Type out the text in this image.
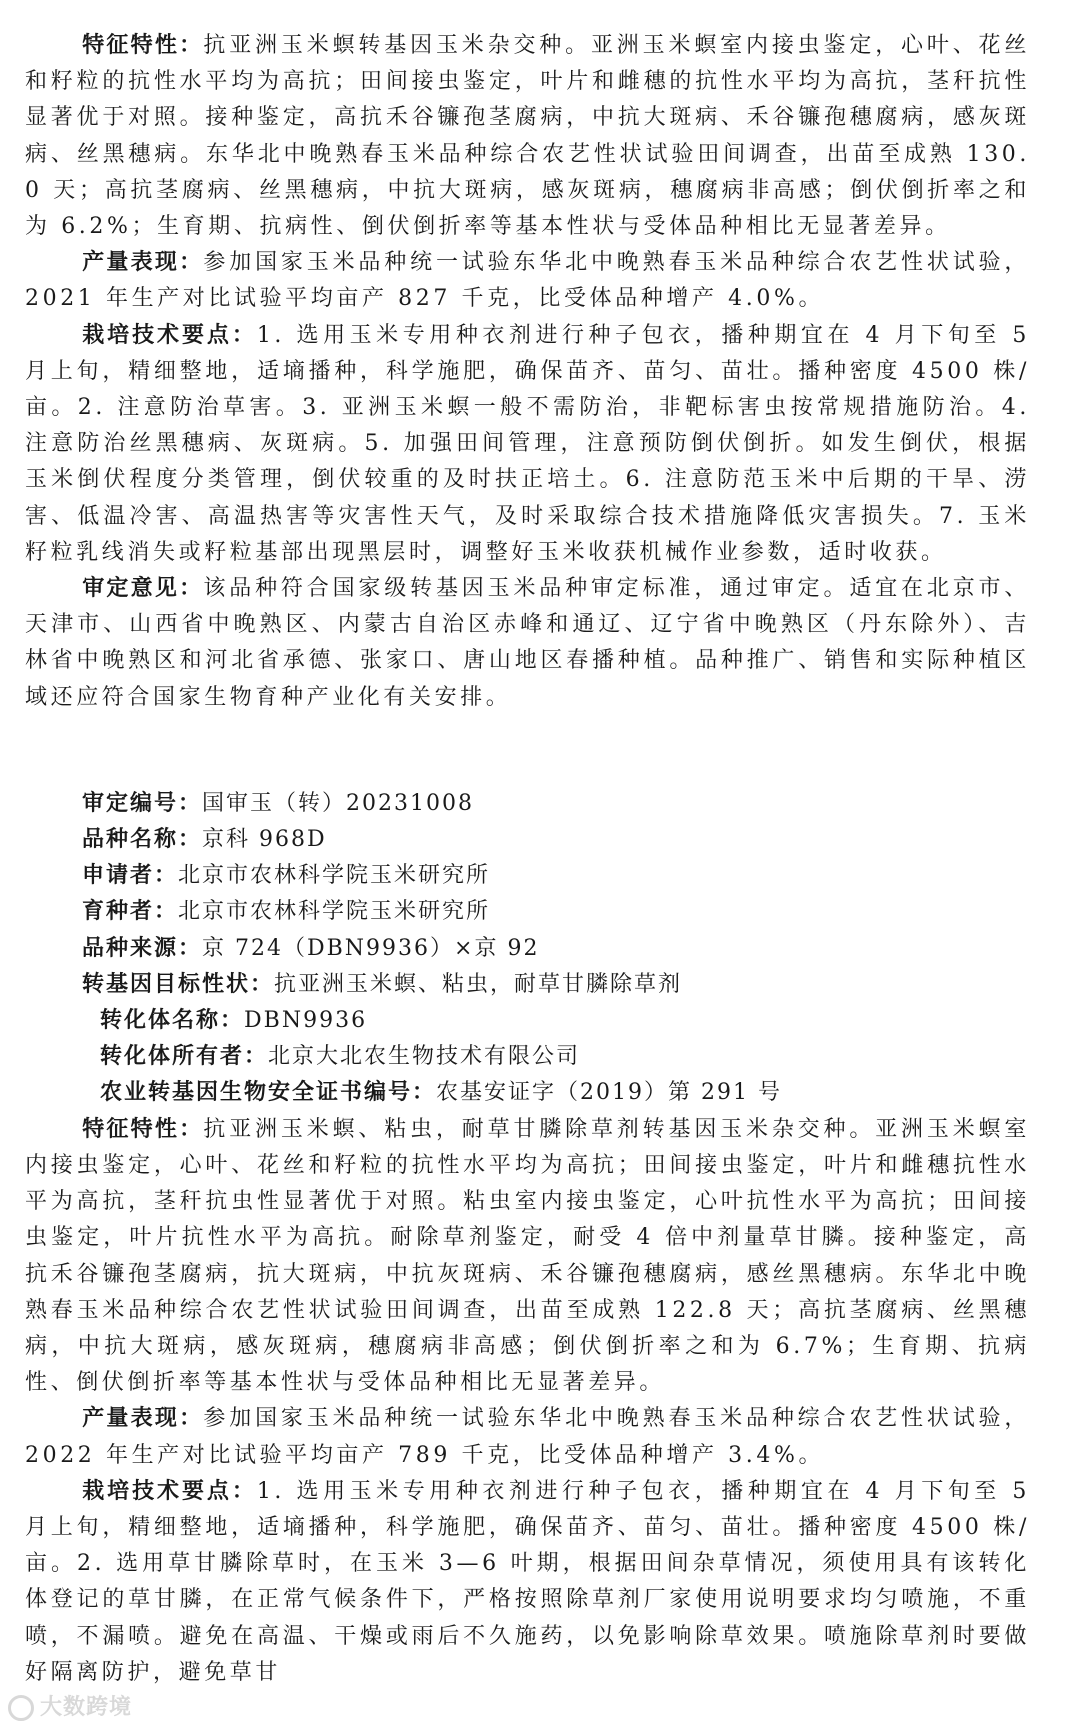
特征特性：抗亚洲玉米螟转基因玉米杂交种。亚洲玉米螟室内接虫鉴定，心叶、花丝和籽粒的抗性水平均为高抗；田间接虫鉴定，叶片和雌穗的抗性水平均为高抗，茎秆抗性显著优于对照。接种鉴定，高抗禾谷镰孢茎腐病，中抗大斑病、禾谷镰孢穗腐病，感灰斑病、丝黑穗病。东华北中晚熟春玉米品种综合农艺性状试验田间调查，出苗至成熟 130.0 天；高抗茎腐病、丝黑穗病，中抗大斑病，感灰斑病，穗腐病非高感；倒伏倒折率之和为 6.2%；生育期、抗病性、倒伏倒折率等基本性状与受体品种相比无显著差异。

产量表现：参加国家玉米品种统一试验东华北中晚熟春玉米品种综合农艺性状试验，2021 年生产对比试验平均亩产 827 千克，比受体品种增产 4.0%。

栽培技术要点：1. 选用玉米专用种衣剂进行种子包衣，播种期宜在 4 月下旬至 5 月上旬，精细整地，适墒播种，科学施肥，确保苗齐、苗匀、苗壮。播种密度 4500 株/亩。2. 注意防治草害。3. 亚洲玉米螟一般不需防治，非靶标害虫按常规措施防治。4. 注意防治丝黑穗病、灰斑病。5. 加强田间管理，注意预防倒伏倒折。如发生倒伏，根据玉米倒伏程度分类管理，倒伏较重的及时扶正培土。6. 注意防范玉米中后期的干旱、涝害、低温冷害、高温热害等灾害性天气，及时采取综合技术措施降低灾害损失。7. 玉米籽粒乳线消失或籽粒基部出现黑层时，调整好玉米收获机械作业参数，适时收获。

审定意见：该品种符合国家级转基因玉米品种审定标准，通过审定。适宜在北京市、天津市、山西省中晚熟区、内蒙古自治区赤峰和通辽、辽宁省中晚熟区（丹东除外）、吉林省中晚熟区和河北省承德、张家口、唐山地区春播种植。品种推广、销售和实际种植区域还应符合国家生物育种产业化有关安排。

审定编号：国审玉（转）20231008

品种名称：京科 968D

申请者：北京市农林科学院玉米研究所

育种者：北京市农林科学院玉米研究所

品种来源：京 724（DBN9936）×京 92

转基因目标性状：抗亚洲玉米螟、粘虫，耐草甘膦除草剂

转化体名称：DBN9936

转化体所有者：北京大北农生物技术有限公司

农业转基因生物安全证书编号：农基安证字（2019）第 291 号

特征特性：抗亚洲玉米螟、粘虫，耐草甘膦除草剂转基因玉米杂交种。亚洲玉米螟室内接虫鉴定，心叶、花丝和籽粒的抗性水平均为高抗；田间接虫鉴定，叶片和雌穗抗性水平为高抗，茎秆抗虫性显著优于对照。粘虫室内接虫鉴定，心叶抗性水平为高抗；田间接虫鉴定，叶片抗性水平为高抗。耐除草剂鉴定，耐受 4 倍中剂量草甘膦。接种鉴定，高抗禾谷镰孢茎腐病，抗大斑病，中抗灰斑病、禾谷镰孢穗腐病，感丝黑穗病。东华北中晚熟春玉米品种综合农艺性状试验田间调查，出苗至成熟 122.8 天；高抗茎腐病、丝黑穗病，中抗大斑病，感灰斑病，穗腐病非高感；倒伏倒折率之和为 6.7%；生育期、抗病性、倒伏倒折率等基本性状与受体品种相比无显著差异。

产量表现：参加国家玉米品种统一试验东华北中晚熟春玉米品种综合农艺性状试验，2022 年生产对比试验平均亩产 789 千克，比受体品种增产 3.4%。

栽培技术要点：1. 选用玉米专用种衣剂进行种子包衣，播种期宜在 4 月下旬至 5 月上旬，精细整地，适墒播种，科学施肥，确保苗齐、苗匀、苗壮。播种密度 4500 株/亩。2. 选用草甘膦除草时，在玉米 3—6 叶期，根据田间杂草情况，须使用具有该转化体登记的草甘膦，在正常气候条件下，严格按照除草剂厂家使用说明要求均匀喷施，不重喷，不漏喷。避免在高温、干燥或雨后不久施药，以免影响除草效果。喷施除草剂时要做好隔离防护，避免草甘

大数跨境
